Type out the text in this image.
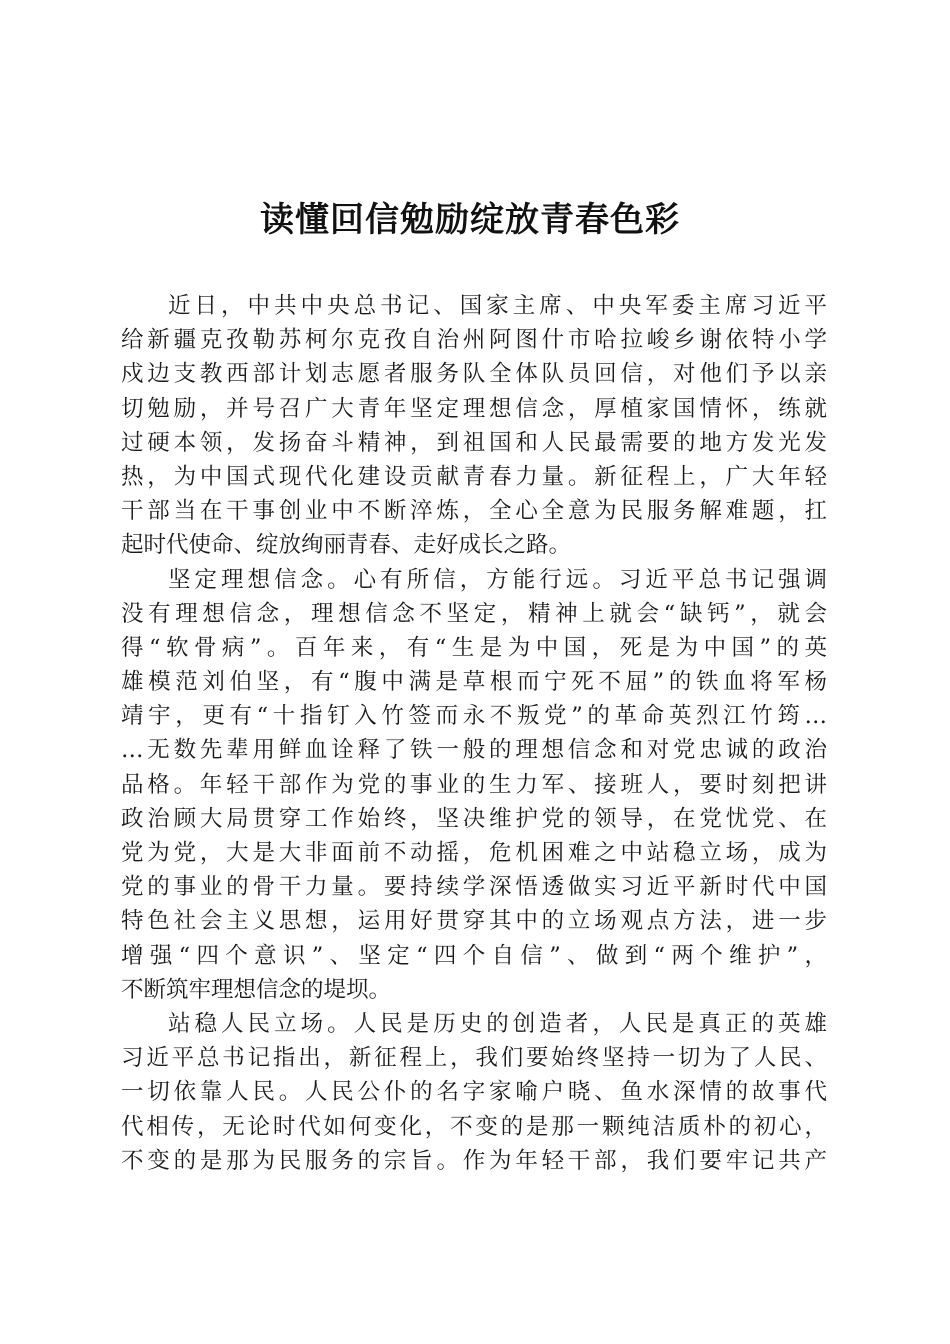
读懂回信勉励绽放青春色彩
近日，中共中央总书记、国家主席、中央军委主席习近平
给新疆克孜勒苏柯尔克孜自治州阿图什市哈拉峻乡谢依特小学
戍边支教西部计划志愿者服务队全体队员回信，对他们予以亲
切勉励，并号召广大青年坚定理想信念，厚植家国情怀，练就
过硬本领，发扬奋斗精神，到祖国和人民最需要的地方发光发
热，为中国式现代化建设贡献青春力量。新征程上，广大年轻
干部当在干事创业中不断淬炼，全心全意为民服务解难题，扛
起时代使命、绽放绚丽青春、走好成长之路。
坚定理想信念。心有所信，方能行远。习近平总书记强调
没有理想信念，理想信念不坚定，精神上就会“缺钙”，就会
得“软骨病”。百年来，有“生是为中国，死是为中国”的英
雄模范刘伯坚，有“腹中满是草根而宁死不屈”的铁血将军杨
靖宇，更有“十指钉入竹签而永不叛党”的革命英烈江竹筠…
…无数先辈用鲜血诠释了铁一般的理想信念和对党忠诚的政治
品格。年轻干部作为党的事业的生力军、接班人，要时刻把讲
政治顾大局贯穿工作始终，坚决维护党的领导，在党忧党、在
党为党，大是大非面前不动摇，危机困难之中站稳立场，成为
党的事业的骨干力量。要持续学深悟透做实习近平新时代中国
特色社会主义思想，运用好贯穿其中的立场观点方法，进一步
增强“四个意识”、坚定“四个自信”、做到“两个维护”，
不断筑牢理想信念的堤坝。
站稳人民立场。人民是历史的创造者，人民是真正的英雄
习近平总书记指出，新征程上，我们要始终坚持一切为了人民、
一切依靠人民。人民公仆的名字家喻户晓、鱼水深情的故事代
代相传，无论时代如何变化，不变的是那一颗纯洁质朴的初心，
不变的是那为民服务的宗旨。作为年轻干部，我们要牢记共产
